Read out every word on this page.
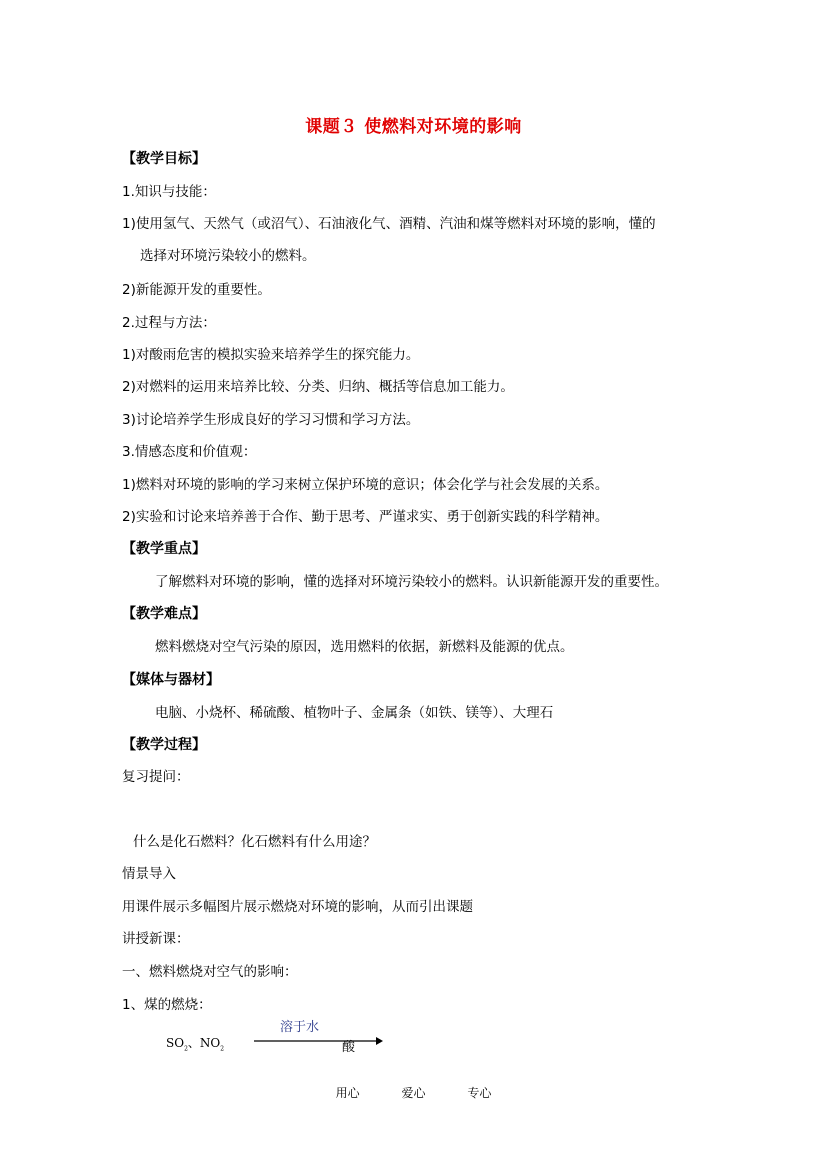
课题３ 使燃料对环境的影响
【教学目标】
1.知识与技能：
1)使用氢气、天然气（或沼气）、石油液化气、酒精、汽油和煤等燃料对环境的影响，懂的
选择对环境污染较小的燃料。
2)新能源开发的重要性。
2.过程与方法：
1)对酸雨危害的模拟实验来培养学生的探究能力。
2)对燃料的运用来培养比较、分类、归纳、概括等信息加工能力。
3)讨论培养学生形成良好的学习习惯和学习方法。
3.情感态度和价值观：
1)燃料对环境的影响的学习来树立保护环境的意识；体会化学与社会发展的关系。
2)实验和讨论来培养善于合作、勤于思考、严谨求实、勇于创新实践的科学精神。
【教学重点】
了解燃料对环境的影响，懂的选择对环境污染较小的燃料。认识新能源开发的重要性。
【教学难点】
燃料燃烧对空气污染的原因，选用燃料的依据，新燃料及能源的优点。
【媒体与器材】
电脑、小烧杯、稀硫酸、植物叶子、金属条（如铁、镁等）、大理石
【教学过程】
复习提问：
什么是化石燃料？化石燃料有什么用途？
情景导入
用课件展示多幅图片展示燃烧对环境的影响，从而引出课题
讲授新课：
一、燃料燃烧对空气的影响：
1、煤的燃烧：
$SO_2$、$NO_2$
溶于水
酸
用心	爱心	专心
